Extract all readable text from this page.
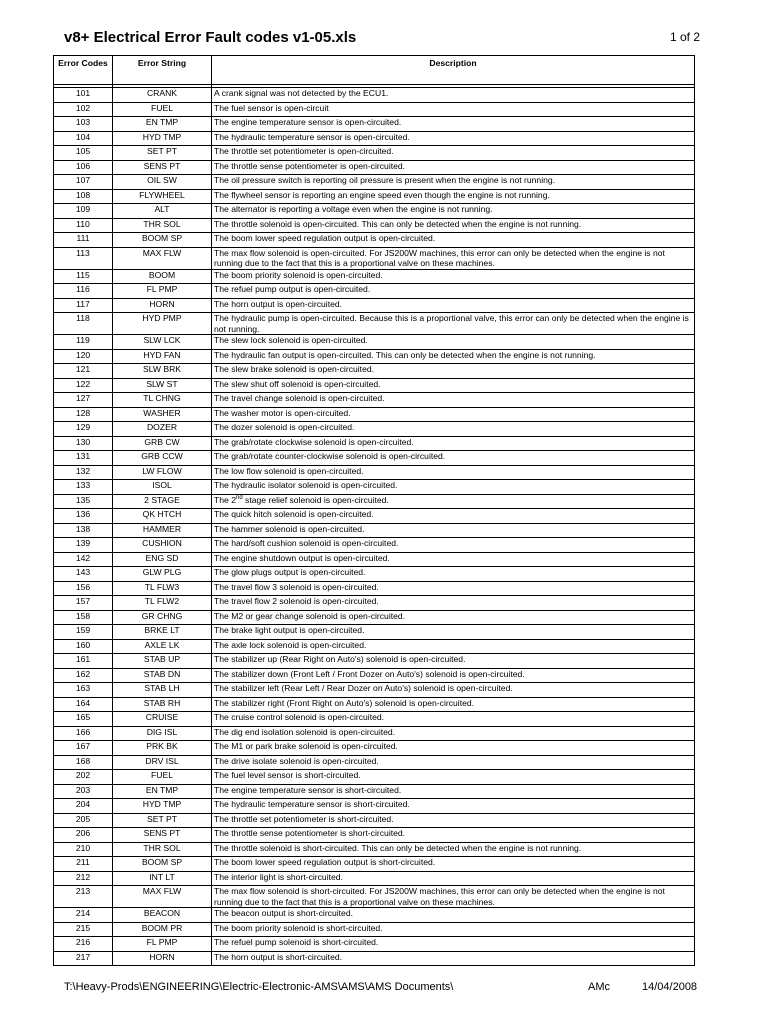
v8+ Electrical Error Fault codes v1-05.xls	1 of 2
Error Codes	Error String	Description

101	CRANK	A crank signal was not detected by the ECU1.
102	FUEL	The fuel sensor is open-circuit
103	EN TMP	The engine temperature sensor is open-circuited.
104	HYD TMP	The hydraulic temperature sensor is open-circuited.
105	SET PT	The throttle set potentiometer is open-circuited.
106	SENS PT	The throttle sense potentiometer is open-circuited.
107	OIL SW	The oil pressure switch is reporting oil pressure is present when the engine is not running.
108	FLYWHEEL	The flywheel sensor is reporting an engine speed even though the engine is not running.
109	ALT	The alternator is reporting a voltage even when the engine is not running.
110	THR SOL	The throttle solenoid is open-circuited. This can only be detected when the engine is not running.
111	BOOM SP	The boom lower speed regulation output is open-circuited.
113	MAX FLW	The max flow solenoid is open-circuited. For JS200W machines, this error can only be detected when the engine is not running due to the fact that this is a proportional valve on these machines.
115	BOOM	The boom priority solenoid is open-circuited.
116	FL PMP	The refuel pump output is open-circuited.
117	HORN	The horn output is open-circuited.
118	HYD PMP	The hydraulic pump is open-circuited. Because this is a proportional valve, this error can only be detected when the engine is not running.
119	SLW LCK	The slew lock solenoid is open-circuited.
120	HYD FAN	The hydraulic fan output is open-circuited. This can only be detected when the engine is not running.
121	SLW BRK	The slew brake solenoid is open-circuited.
122	SLW ST	The slew shut off solenoid is open-circuited.
127	TL CHNG	The travel change solenoid is open-circuited.
128	WASHER	The washer motor is open-circuited.
129	DOZER	The dozer solenoid is open-circuited.
130	GRB CW	The grab/rotate clockwise solenoid is open-circuited.
131	GRB CCW	The grab/rotate counter-clockwise solenoid is open-circuited.
132	LW FLOW	The low flow solenoid is open-circuited.
133	ISOL	The hydraulic isolator solenoid is open-circuited.
135	2 STAGE	The 2nd stage relief solenoid is open-circuited.
136	QK HTCH	The quick hitch solenoid is open-circuited.
138	HAMMER	The hammer solenoid is open-circuited.
139	CUSHION	The hard/soft cushion solenoid is open-circuited.
142	ENG SD	The engine shutdown output is open-circuited.
143	GLW PLG	The glow plugs output is open-circuited.
156	TL FLW3	The travel flow 3 solenoid is open-circuited.
157	TL FLW2	The travel flow 2 solenoid is open-circuited.
158	GR CHNG	The M2 or gear change solenoid is open-circuited.
159	BRKE LT	The brake light output is open-circuited.
160	AXLE LK	The axle lock solenoid is open-circuited.
161	STAB UP	The stabilizer up (Rear Right on Auto's) solenoid is open-circuited.
162	STAB DN	The stabilizer down (Front Left / Front Dozer on Auto's) solenoid is open-circuited.
163	STAB LH	The stabilizer left (Rear Left / Rear Dozer on Auto's) solenoid is open-circuited.
164	STAB RH	The stabilizer right (Front Right on Auto's) solenoid is open-circuited.
165	CRUISE	The cruise control solenoid is open-circuited.
166	DIG ISL	The dig end isolation solenoid is open-circuited.
167	PRK BK	The M1 or park brake solenoid is open-circuited.
168	DRV ISL	The drive isolate solenoid is open-circuited.
202	FUEL	The fuel level sensor is short-circuited.
203	EN TMP	The engine temperature sensor is short-circuited.
204	HYD TMP	The hydraulic temperature sensor is short-circuited.
205	SET PT	The throttle set potentiometer is short-circuited.
206	SENS PT	The throttle sense potentiometer is short-circuited.
210	THR SOL	The throttle solenoid is short-circuited. This can only be detected when the engine is not running.
211	BOOM SP	The boom lower speed regulation output is short-circuited.
212	INT LT	The interior light is short-circuited.
213	MAX FLW	The max flow solenoid is short-circuited. For JS200W machines, this error can only be detected when the engine is not running due to the fact that this is a proportional valve on these machines.
214	BEACON	The beacon output is short-circuited.
215	BOOM PR	The boom priority solenoid is short-circuited.
216	FL PMP	The refuel pump solenoid is short-circuited.
217	HORN	The horn output is short-circuited.
T:\Heavy-Prods\ENGINEERING\Electric-Electronic-AMS\AMS\AMS Documents\	AMc	14/04/2008
